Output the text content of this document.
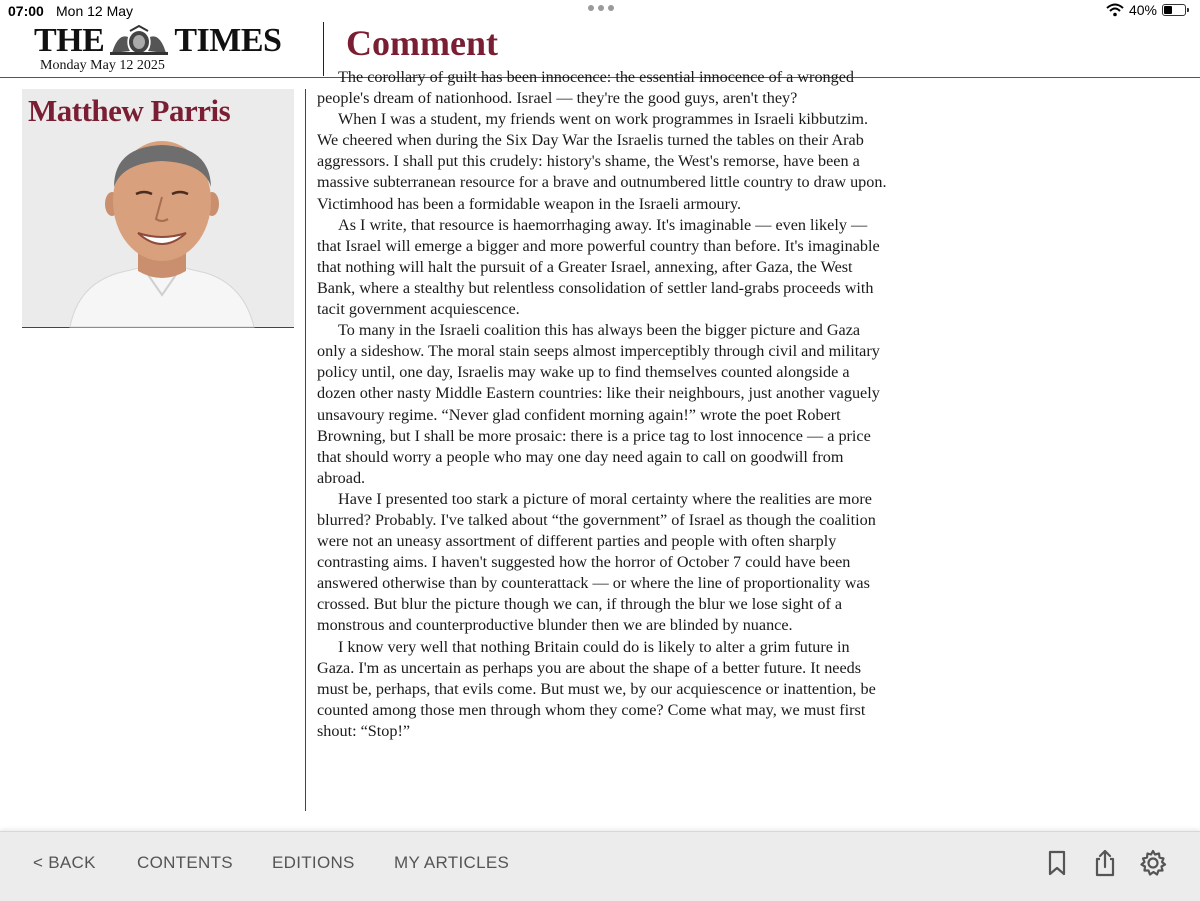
07:00 Mon 12 May	40%
THE TIMES
Monday May 12 2025
Comment
Matthew Parris

The corollary of guilt has been innocence: the essential innocence of a wronged people's dream of nationhood. Israel — they're the good guys, aren't they?

When I was a student, my friends went on work programmes in Israeli kibbutzim. We cheered when during the Six Day War the Israelis turned the tables on their Arab aggressors. I shall put this crudely: history's shame, the West's remorse, have been a massive subterranean resource for a brave and outnumbered little country to draw upon. Victimhood has been a formidable weapon in the Israeli armoury.

As I write, that resource is haemorrhaging away. It's imaginable — even likely — that Israel will emerge a bigger and more powerful country than before. It's imaginable that nothing will halt the pursuit of a Greater Israel, annexing, after Gaza, the West Bank, where a stealthy but relentless consolidation of settler land-grabs proceeds with tacit government acquiescence.

To many in the Israeli coalition this has always been the bigger picture and Gaza only a sideshow. The moral stain seeps almost imperceptibly through civil and military policy until, one day, Israelis may wake up to find themselves counted alongside a dozen other nasty Middle Eastern countries: like their neighbours, just another vaguely unsavoury regime. “Never glad confident morning again!” wrote the poet Robert Browning, but I shall be more prosaic: there is a price tag to lost innocence — a price that should worry a people who may one day need again to call on goodwill from abroad.

Have I presented too stark a picture of moral certainty where the realities are more blurred? Probably. I've talked about “the government” of Israel as though the coalition were not an uneasy assortment of different parties and people with often sharply contrasting aims. I haven't suggested how the horror of October 7 could have been answered otherwise than by counterattack — or where the line of proportionality was crossed. But blur the picture though we can, if through the blur we lose sight of a monstrous and counterproductive blunder then we are blinded by nuance.

I know very well that nothing Britain could do is likely to alter a grim future in Gaza. I'm as uncertain as perhaps you are about the shape of a better future. It needs must be, perhaps, that evils come. But must we, by our acquiescence or inattention, be counted among those men through whom they come? Come what may, we must first shout: “Stop!”

< BACK CONTENTS EDITIONS MY ARTICLES
